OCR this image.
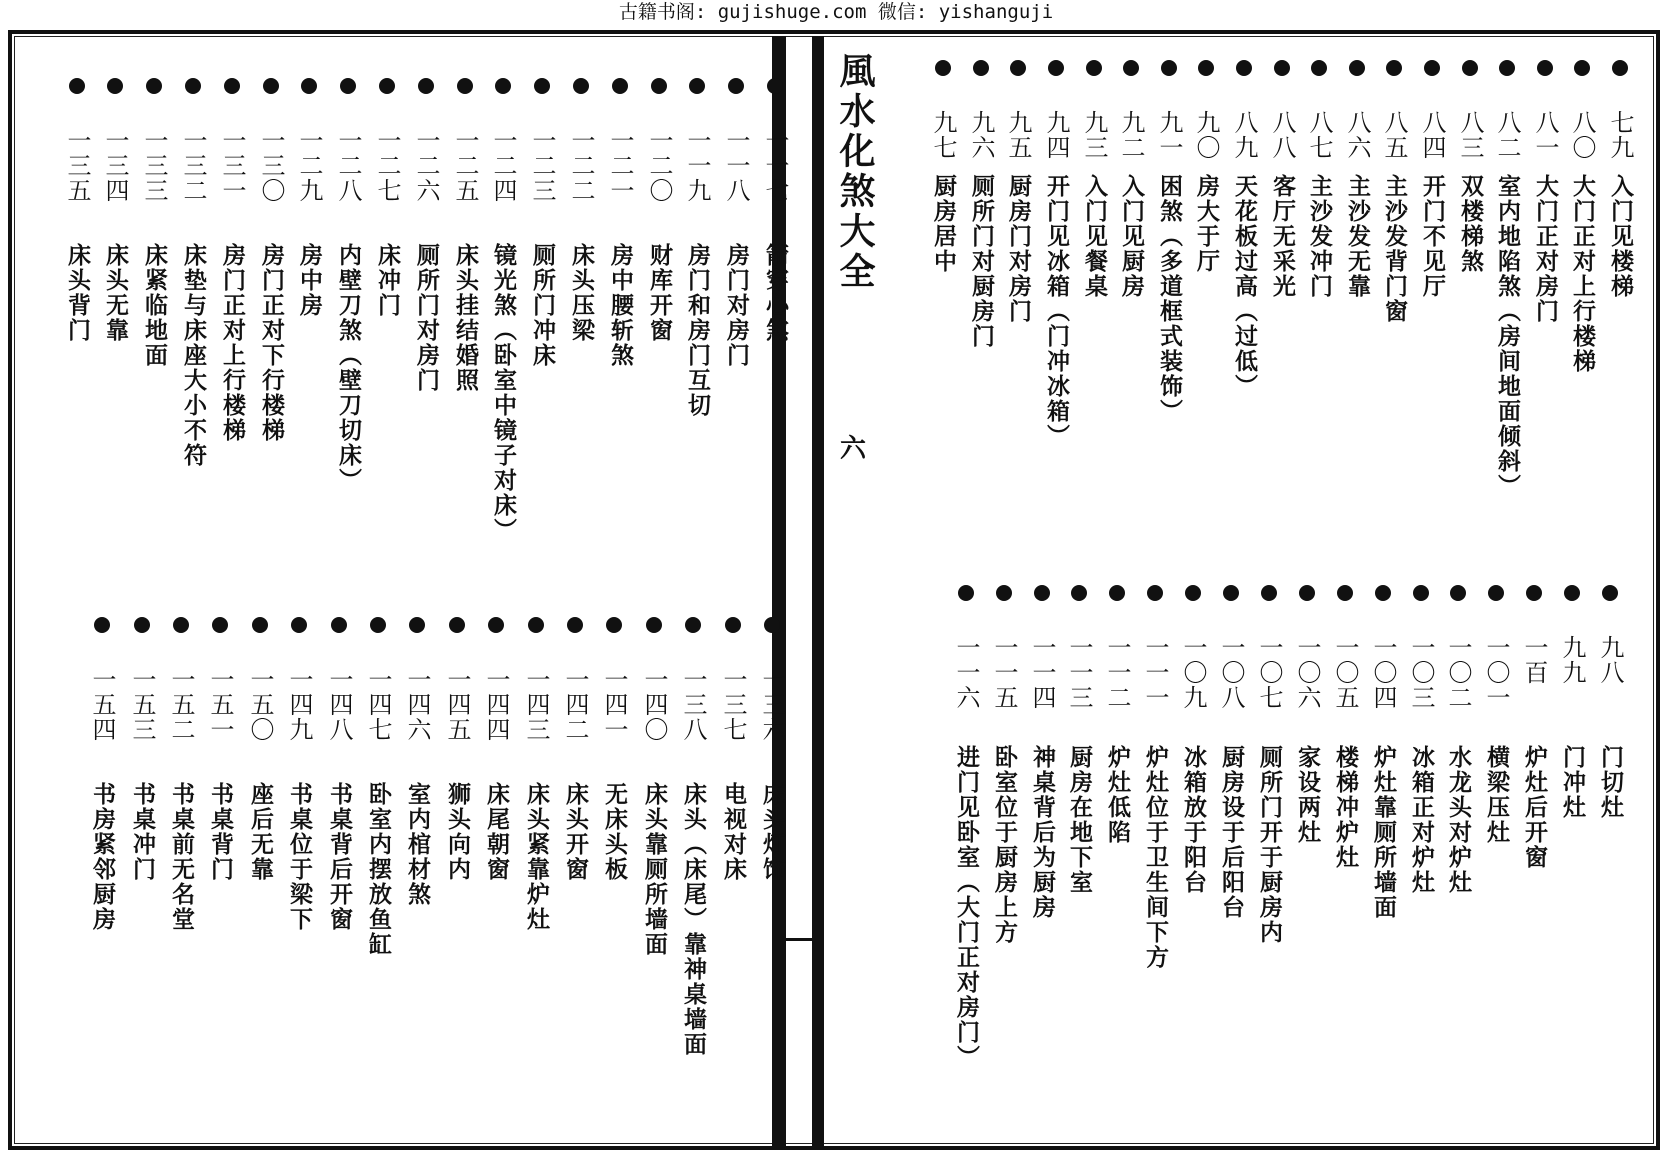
古籍书阁: gujishuge.com 微信: yishanguji
風水化煞大全
六
七九
入门见楼梯
八〇
大门正对上行楼梯
八一
大门正对房门
八二
室内地陷煞（房间地面倾斜）
八三
双楼梯煞
八四
开门不见厅
八五
主沙发背门窗
八六
主沙发无靠
八七
主沙发冲门
八八
客厅无采光
八九
天花板过高（过低）
九〇
房大于厅
九一
困煞（多道框式装饰）
九二
入门见厨房
九三
入门见餐桌
九四
开门见冰箱（门冲冰箱）
九五
厨房门对房门
九六
厕所门对厨房门
九七
厨房居中
九八
门切灶
九九
门冲灶
一百
炉灶后开窗
一〇一
横梁压灶
一〇二
水龙头对炉灶
一〇三
冰箱正对炉灶
一〇四
炉灶靠厕所墙面
一〇五
楼梯冲炉灶
一〇六
家设两灶
一〇七
厕所门开于厨房内
一〇八
厨房设于后阳台
一〇九
冰箱放于阳台
一一一
炉灶位于卫生间下方
一一二
炉灶低陷
一一三
厨房在地下室
一一四
神桌背后为厨房
一一五
卧室位于厨房上方
一一六
进门见卧室（大门正对房门）
一一七
箭穿心煞
一一八
房门对房门
一一九
房门和房门互切
一二〇
财库开窗
一二一
房中腰斩煞
一二二
床头压梁
一二三
厕所门冲床
一二四
镜光煞（卧室中镜子对床）
一二五
床头挂结婚照
一二六
厕所门对房门
一二七
床冲门
一二八
内壁刀煞（壁刀切床）
一二九
房中房
一三〇
房门正对下行楼梯
一三一
房门正对上行楼梯
一三二
床垫与床座大小不符
一三三
床紧临地面
一三四
床头无靠
一三五
床头背门
一三六
床头灯饰
一三七
电视对床
一三八
床头（床尾）靠神桌墙面
一四〇
床头靠厕所墙面
一四一
无床头板
一四二
床头开窗
一四三
床头紧靠炉灶
一四四
床尾朝窗
一四五
狮头向内
一四六
室内棺材煞
一四七
卧室内摆放鱼缸
一四八
书桌背后开窗
一四九
书桌位于梁下
一五〇
座后无靠
一五一
书桌背门
一五二
书桌前无名堂
一五三
书桌冲门
一五四
书房紧邻厨房
